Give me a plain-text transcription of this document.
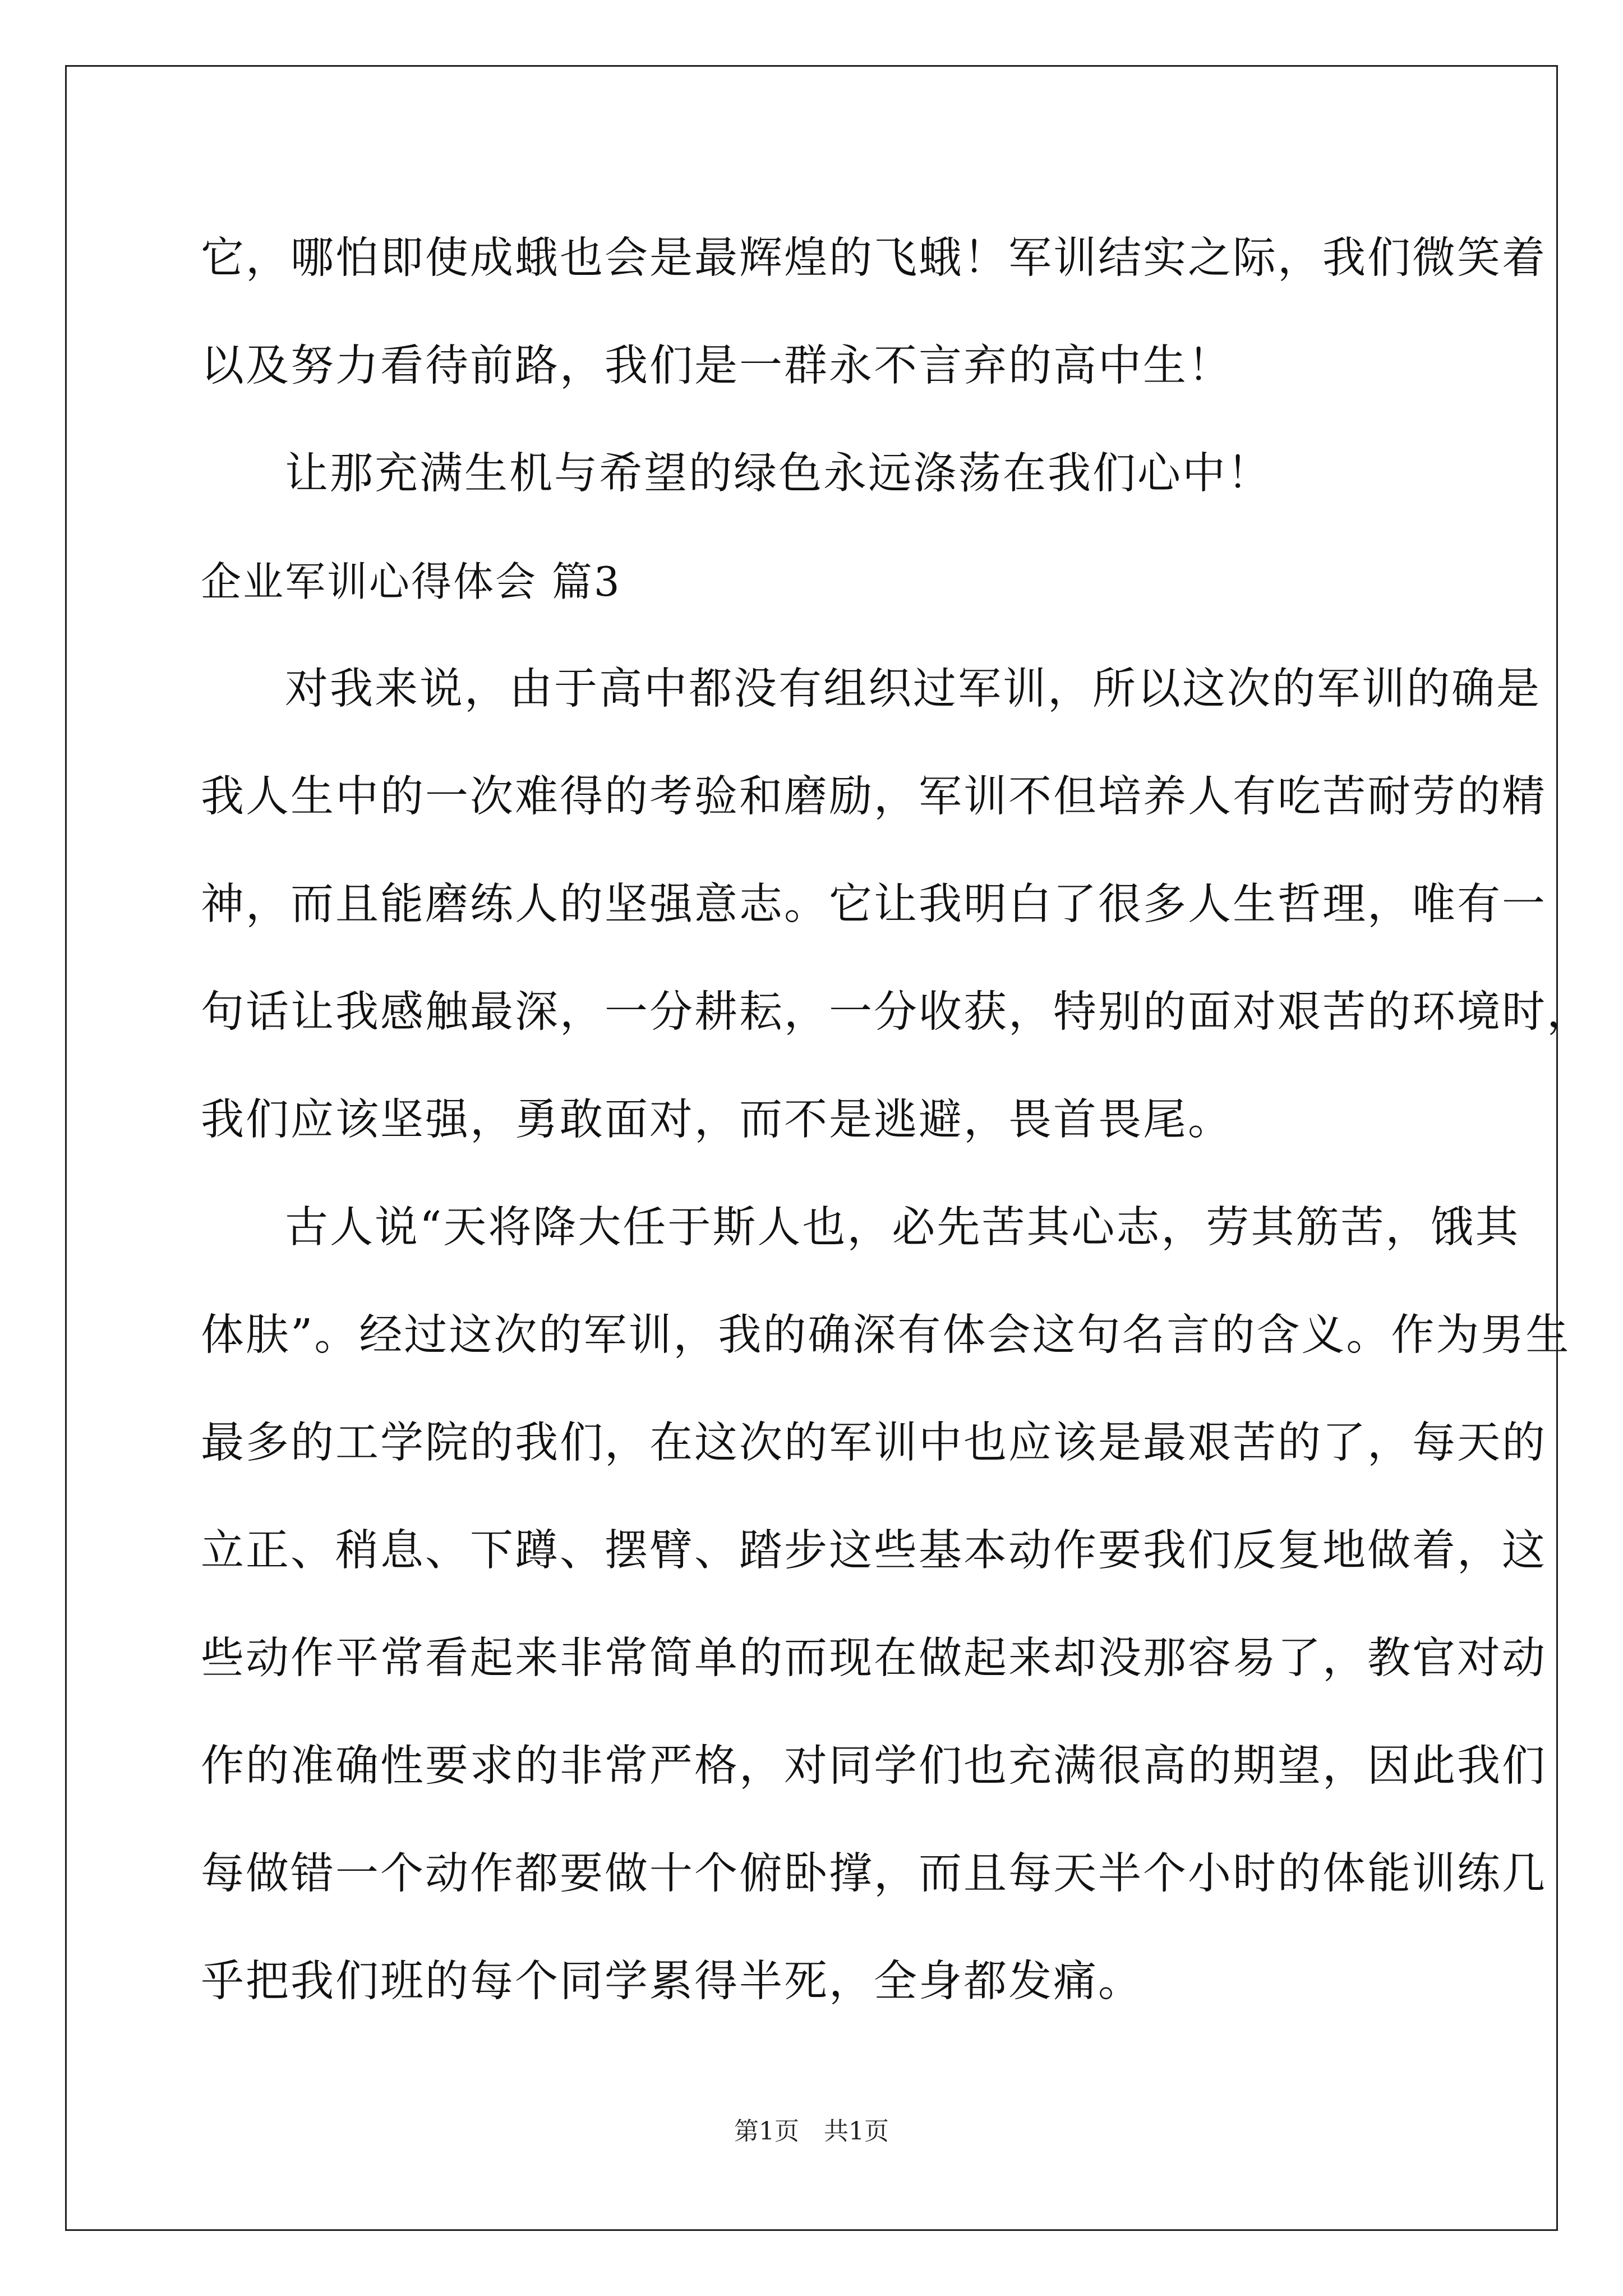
它，哪怕即使成蛾也会是最辉煌的飞蛾！军训结实之际，我们微笑着
以及努力看待前路，我们是一群永不言弃的高中生！
让那充满生机与希望的绿色永远涤荡在我们心中！
企业军训心得体会 篇3
对我来说，由于高中都没有组织过军训，所以这次的军训的确是
我人生中的一次难得的考验和磨励，军训不但培养人有吃苦耐劳的精
神，而且能磨练人的坚强意志。它让我明白了很多人生哲理，唯有一
句话让我感触最深，一分耕耘，一分收获，特别的面对艰苦的环境时，
我们应该坚强，勇敢面对，而不是逃避，畏首畏尾。
古人说“天将降大任于斯人也，必先苦其心志，劳其筋苦，饿其
体肤”。经过这次的军训，我的确深有体会这句名言的含义。作为男生
最多的工学院的我们，在这次的军训中也应该是最艰苦的了，每天的
立正、稍息、下蹲、摆臂、踏步这些基本动作要我们反复地做着，这
些动作平常看起来非常简单的而现在做起来却没那容易了，教官对动
作的准确性要求的非常严格，对同学们也充满很高的期望，因此我们
每做错一个动作都要做十个俯卧撑，而且每天半个小时的体能训练几
乎把我们班的每个同学累得半死，全身都发痛。
第1页　共1页
